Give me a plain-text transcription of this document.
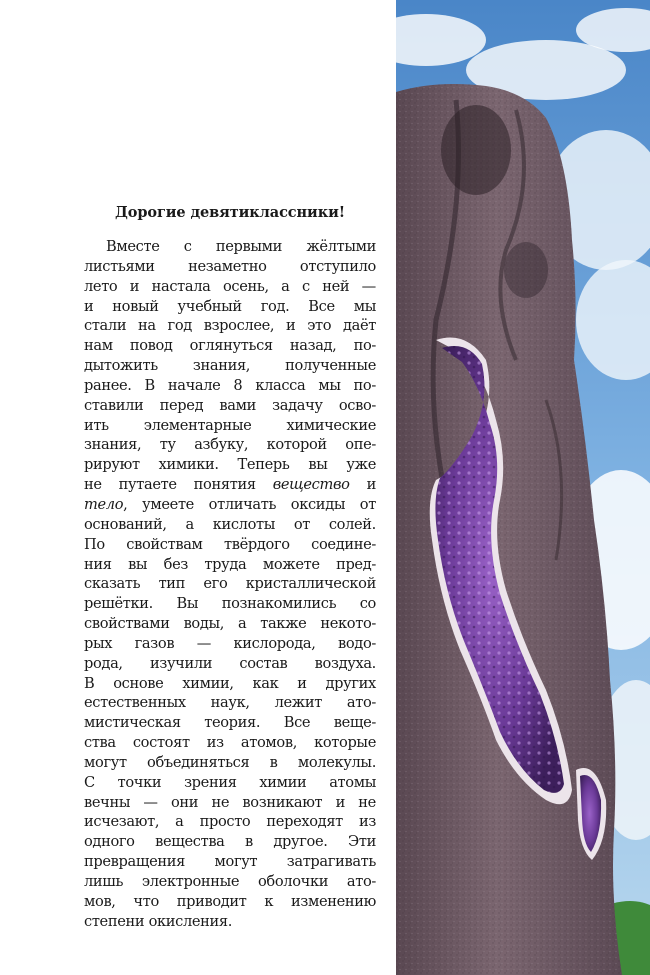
Дорогие девятиклассники!
Вместе с первыми жёлтыми
листьями незаметно отступило
лето и настала осень, а с ней —
и новый учебный год. Все мы
стали на год взрослее, и это даёт
нам повод оглянуться назад, по-
дытожить знания, полученные
ранее. В начале 8 класса мы по-
ставили перед вами задачу осво-
ить элементарные химические
знания, ту азбуку, которой опе-
рируют химики. Теперь вы уже
не путаете понятия вещество и
тело, умеете отличать оксиды от
оснований, а кислоты от солей.
По свойствам твёрдого соедине-
ния вы без труда можете пред-
сказать тип его кристаллической
решётки. Вы познакомились со
свойствами воды, а также некото-
рых газов — кислорода, водо-
рода, изучили состав воздуха.
В основе химии, как и других
естественных наук, лежит ато-
мистическая теория. Все веще-
ства состоят из атомов, которые
могут объединяться в молекулы.
С точки зрения химии атомы
вечны — они не возникают и не
исчезают, а просто переходят из
одного вещества в другое. Эти
превращения могут затрагивать
лишь электронные оболочки ато-
мов, что приводит к изменению
степени окисления.
